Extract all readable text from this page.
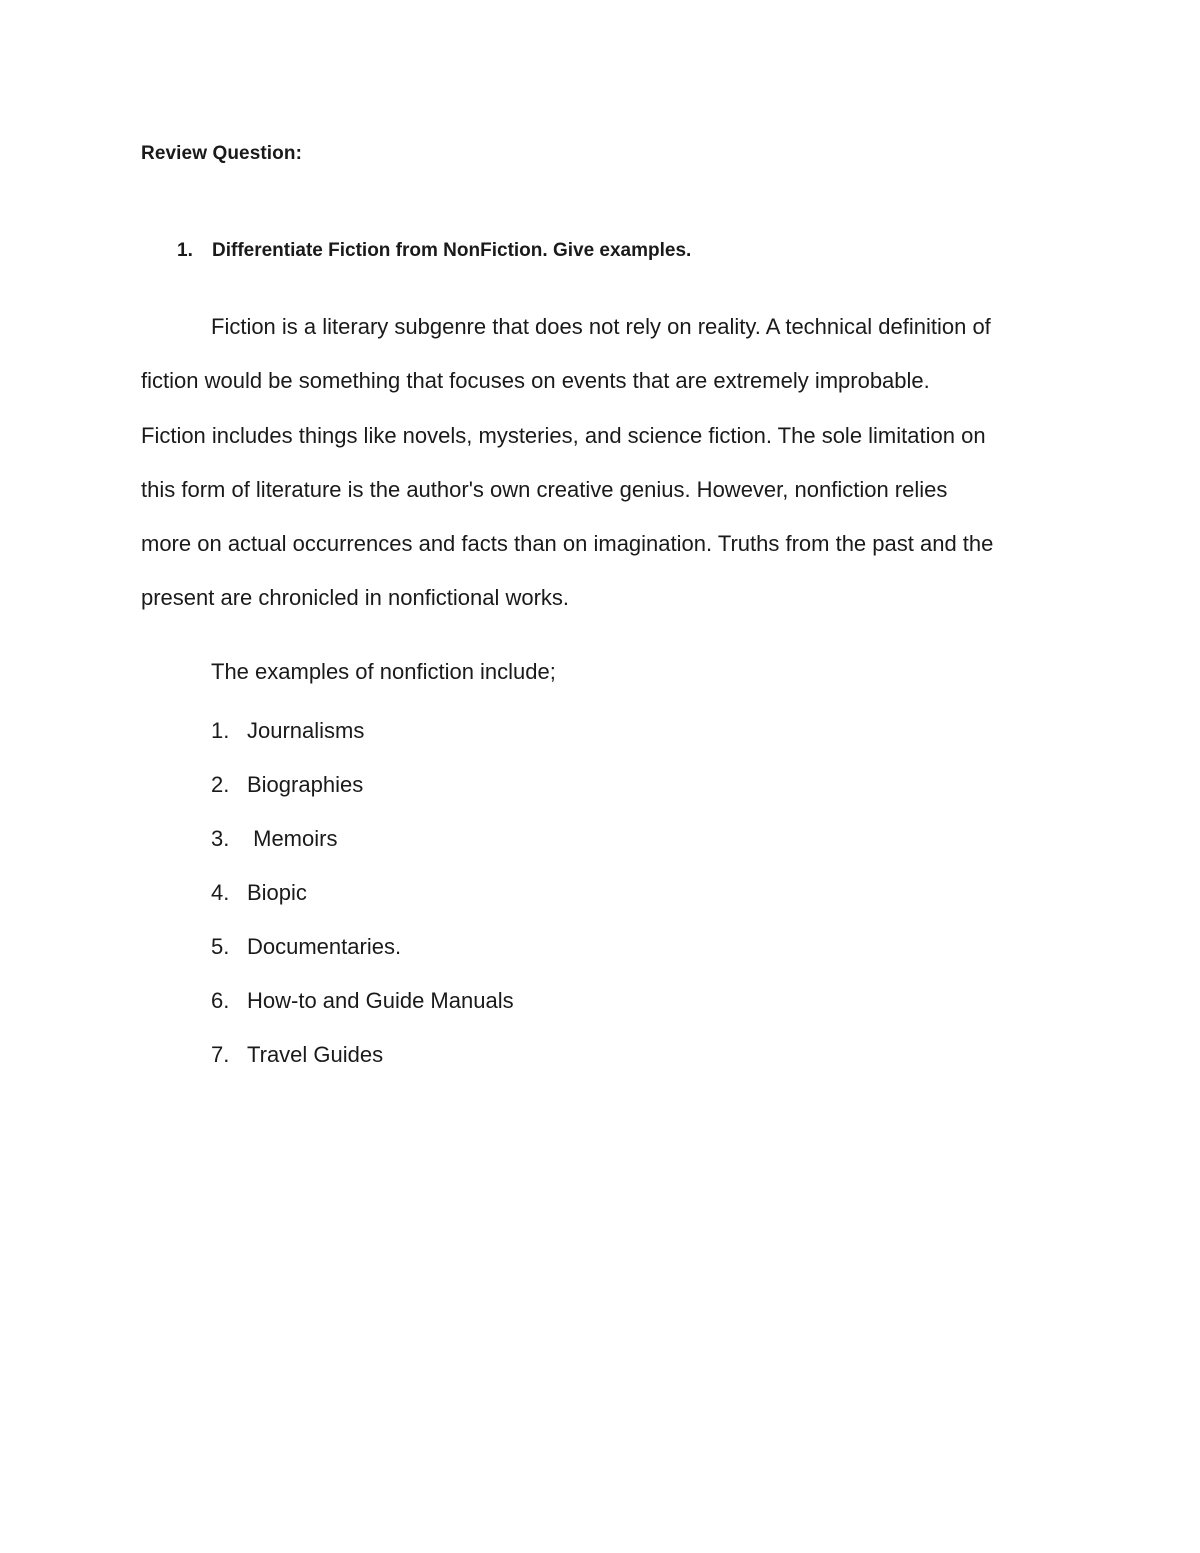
Review Question:
1. Differentiate Fiction from NonFiction. Give examples.
Fiction is a literary subgenre that does not rely on reality. A technical definition of
fiction would be something that focuses on events that are extremely improbable.
Fiction includes things like novels, mysteries, and science fiction. The sole limitation on
this form of literature is the author's own creative genius. However, nonfiction relies
more on actual occurrences and facts than on imagination. Truths from the past and the
present are chronicled in nonfictional works.
The examples of nonfiction include;
1. Journalisms
2. Biographies
3. Memoirs
4. Biopic
5. Documentaries.
6. How-to and Guide Manuals
7. Travel Guides
